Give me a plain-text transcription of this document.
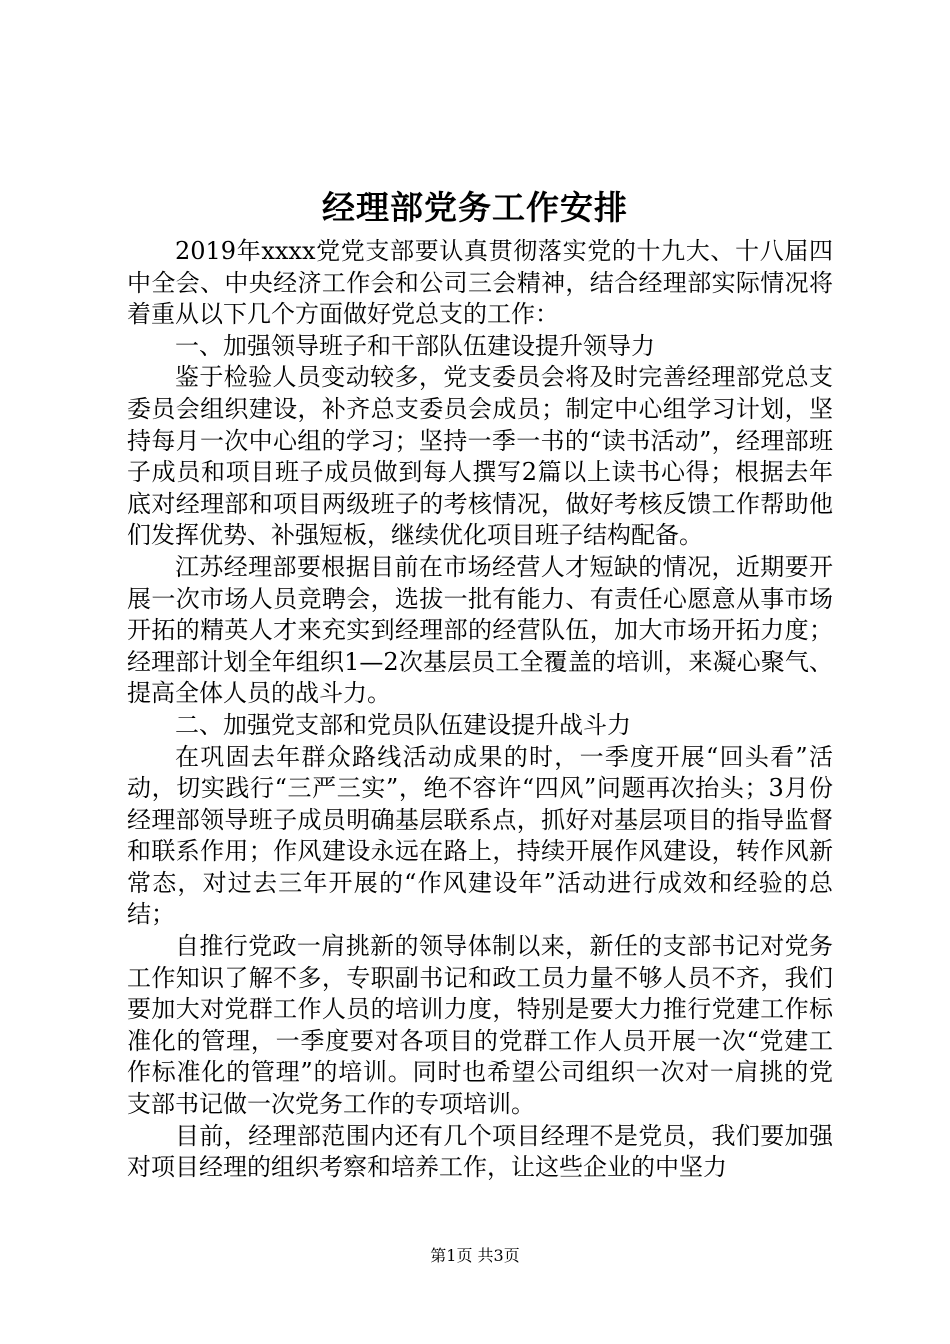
经理部党务工作安排

2019年xxxx党党支部要认真贯彻落实党的十九大、十八届四中全会、中央经济工作会和公司三会精神，结合经理部实际情况将着重从以下几个方面做好党总支的工作：

一、加强领导班子和干部队伍建设提升领导力

鉴于检验人员变动较多，党支委员会将及时完善经理部党总支委员会组织建设，补齐总支委员会成员；制定中心组学习计划，坚持每月一次中心组的学习；坚持一季一书的“读书活动”，经理部班子成员和项目班子成员做到每人撰写2篇以上读书心得；根据去年底对经理部和项目两级班子的考核情况，做好考核反馈工作帮助他们发挥优势、补强短板，继续优化项目班子结构配备。

江苏经理部要根据目前在市场经营人才短缺的情况，近期要开展一次市场人员竞聘会，选拔一批有能力、有责任心愿意从事市场开拓的精英人才来充实到经理部的经营队伍，加大市场开拓力度；经理部计划全年组织1—2次基层员工全覆盖的培训，来凝心聚气、提高全体人员的战斗力。

二、加强党支部和党员队伍建设提升战斗力

在巩固去年群众路线活动成果的时，一季度开展“回头看”活动，切实践行“三严三实”，绝不容许“四风”问题再次抬头；3月份经理部领导班子成员明确基层联系点，抓好对基层项目的指导监督和联系作用；作风建设永远在路上，持续开展作风建设，转作风新常态，对过去三年开展的“作风建设年”活动进行成效和经验的总结；

自推行党政一肩挑新的领导体制以来，新任的支部书记对党务工作知识了解不多，专职副书记和政工员力量不够人员不齐，我们要加大对党群工作人员的培训力度，特别是要大力推行党建工作标准化的管理，一季度要对各项目的党群工作人员开展一次“党建工作标准化的管理”的培训。同时也希望公司组织一次对一肩挑的党支部书记做一次党务工作的专项培训。

目前，经理部范围内还有几个项目经理不是党员，我们要加强对项目经理的组织考察和培养工作，让这些企业的中坚力

第1页 共3页
